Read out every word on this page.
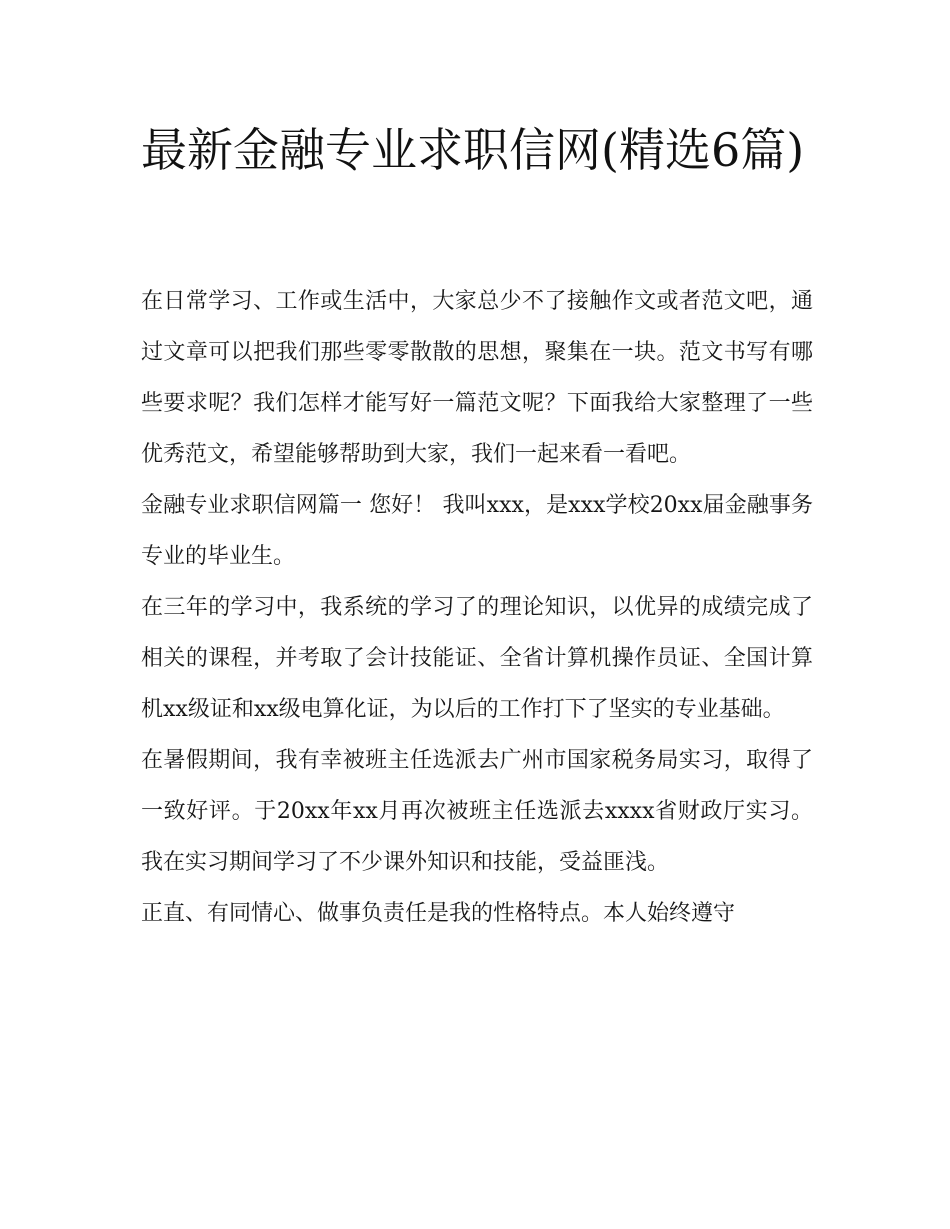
最新金融专业求职信网(精选6篇)

在日常学习、工作或生活中，大家总少不了接触作文或者范文吧，通过文章可以把我们那些零零散散的思想，聚集在一块。范文书写有哪些要求呢？我们怎样才能写好一篇范文呢？下面我给大家整理了一些优秀范文，希望能够帮助到大家，我们一起来看一看吧。

金融专业求职信网篇一 您好！ 我叫xxx，是xxx学校20xx届金融事务专业的毕业生。

在三年的学习中，我系统的学习了的理论知识，以优异的成绩完成了相关的课程，并考取了会计技能证、全省计算机操作员证、全国计算机xx级证和xx级电算化证，为以后的工作打下了坚实的专业基础。

在暑假期间，我有幸被班主任选派去广州市国家税务局实习，取得了一致好评。于20xx年xx月再次被班主任选派去xxxx省财政厅实习。我在实习期间学习了不少课外知识和技能，受益匪浅。

正直、有同情心、做事负责任是我的性格特点。本人始终遵守
